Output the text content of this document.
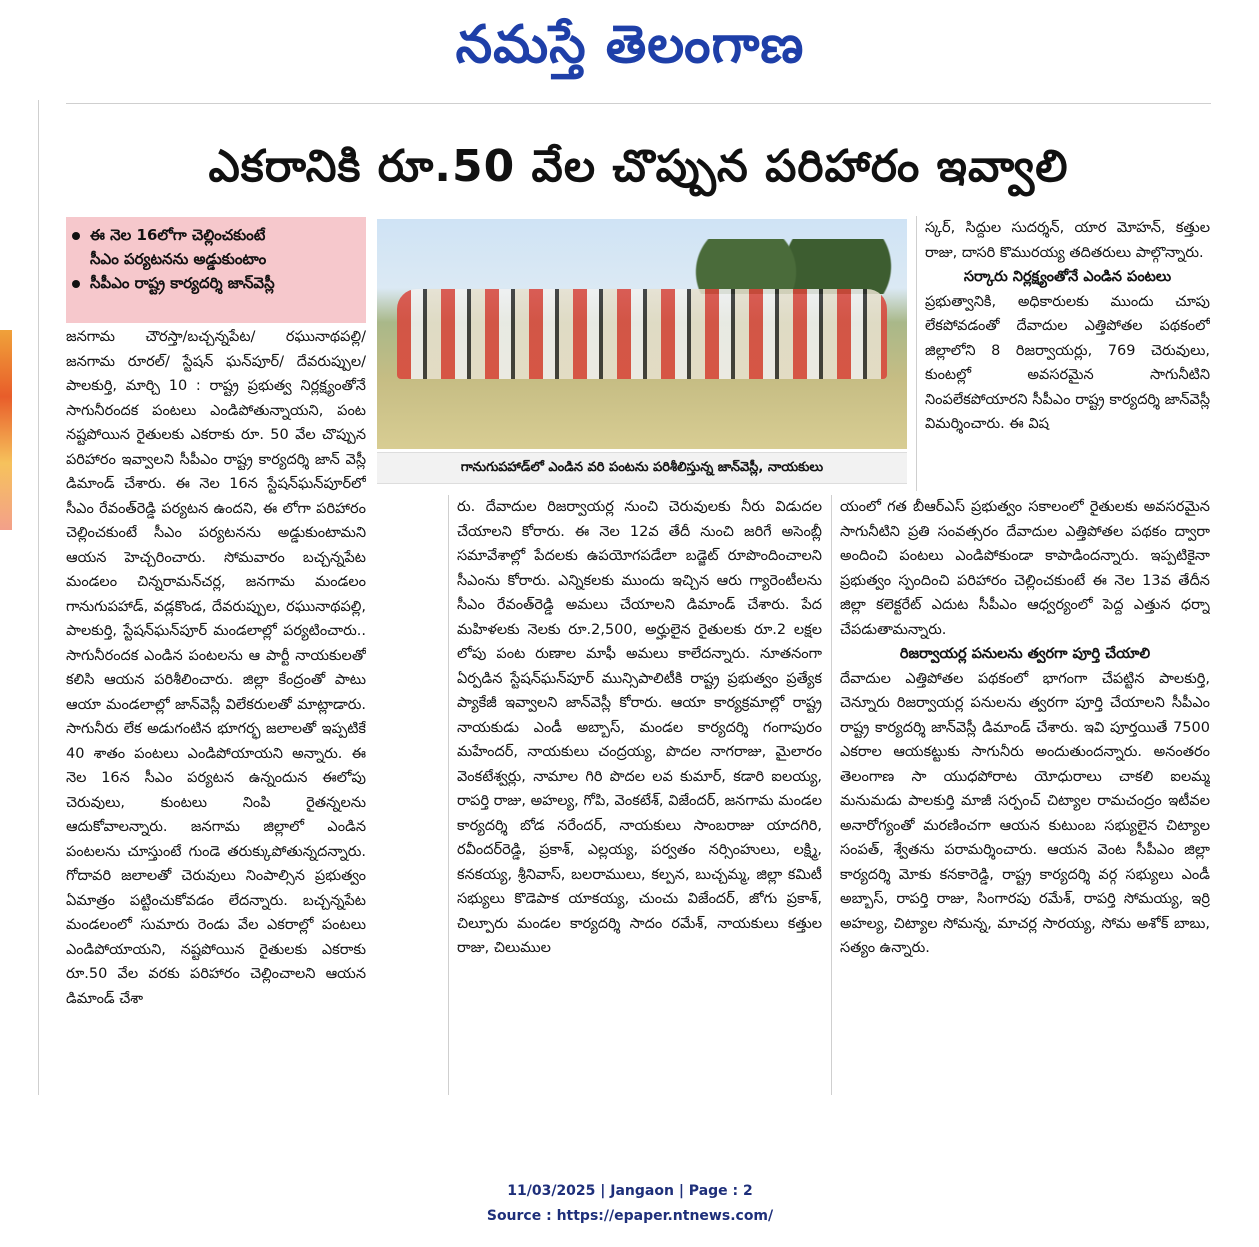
నమస్తే తెలంగాణ
ఎకరానికి రూ.50 వేల చొప్పున పరిహారం ఇవ్వాలి
ఈ నెల 16లోగా చెల్లించకుంటే
సీఎం పర్యటనను అడ్డుకుంటాం
సీపీఎం రాష్ట్ర కార్యదర్శి జాన్‌వెస్లీ
గానుగుపహాడ్‌లో ఎండిన వరి పంటను పరిశీలిస్తున్న జాన్‌వెస్లీ, నాయకులు

జనగామ చౌరస్తా/బచ్చన్నపేట/ రఘునాథపల్లి/ జనగామ రూరల్/ స్టేషన్ ఘన్‌పూర్/ దేవరుప్పుల/పాలకుర్తి, మార్చి 10 : రాష్ట్ర ప్రభుత్వ నిర్లక్ష్యంతోనే సాగునీరందక పంటలు ఎండిపోతున్నాయని, పంట నష్టపోయిన రైతులకు ఎకరాకు రూ. 50 వేల చొప్పున పరిహారం ఇవ్వాలని సీపీఎం రాష్ట్ర కార్యదర్శి జాన్ వెస్లీ డిమాండ్ చేశారు. ఈ నెల 16న స్టేషన్‌ఘన్‌పూర్‌లో సీఎం రేవంత్‌రెడ్డి పర్యటన ఉందని, ఈ లోగా పరిహారం చెల్లించకుంటే సీఎం పర్యటనను అడ్డుకుంటామని ఆయన హెచ్చరించారు. సోమవారం బచ్చన్నపేట మండలం చిన్నరామన్‌చర్ల, జనగామ మండలం గానుగుపహాడ్, వడ్లకొండ, దేవరుప్పుల, రఘునాథపల్లి, పాలకుర్తి, స్టేషన్‌ఘన్‌పూర్ మండలాల్లో పర్యటించారు.. సాగునీరందక ఎండిన పంటలను ఆ పార్టీ నాయకులతో కలిసి ఆయన పరిశీలించారు. జిల్లా కేంద్రంతో పాటు ఆయా మండలాల్లో జాన్‌వెస్లీ విలేకరులతో మాట్లాడారు. సాగునీరు లేక అడుగంటిన భూగర్భ జలాలతో ఇప్పటికే 40 శాతం పంటలు ఎండిపోయాయని అన్నారు. ఈ నెల 16న సీఎం పర్యటన ఉన్నందున ఈలోపు చెరువులు, కుంటలు నింపి రైతన్నలను ఆదుకోవాలన్నారు. జనగామ జిల్లాలో ఎండిన పంటలను చూస్తుంటే గుండె తరుక్కుపోతున్నదన్నారు. గోదావరి జలాలతో చెరువులు నింపాల్సిన ప్రభుత్వం ఏమాత్రం పట్టించుకోవడం లేదన్నారు. బచ్చన్నపేట మండలంలో సుమారు రెండు వేల ఎకరాల్లో పంటలు ఎండిపోయాయని, నష్టపోయిన రైతులకు ఎకరాకు రూ.50 వేల వరకు పరిహారం చెల్లించాలని ఆయన డిమాండ్ చేశా

రు. దేవాదుల రిజర్వాయర్ల నుంచి చెరువులకు నీరు విడుదల చేయాలని కోరారు. ఈ నెల 12వ తేదీ నుంచి జరిగే అసెంబ్లీ సమావేశాల్లో పేదలకు ఉపయోగపడేలా బడ్జెట్ రూపొందించాలని సీఎంను కోరారు. ఎన్నికలకు ముందు ఇచ్చిన ఆరు గ్యారెంటీలను సీఎం రేవంత్‌రెడ్డి అమలు చేయాలని డిమాండ్ చేశారు. పేద మహిళలకు నెలకు రూ.2,500, అర్హులైన రైతులకు రూ.2 లక్షల లోపు పంట రుణాల మాఫీ అమలు కాలేదన్నారు. నూతనంగా ఏర్పడిన స్టేషన్‌ఘన్‌పూర్ మున్సిపాలిటీకి రాష్ట్ర ప్రభుత్వం ప్రత్యేక ప్యాకేజీ ఇవ్వాలని జాన్‌వెస్లీ కోరారు. ఆయా కార్యక్రమాల్లో రాష్ట్ర నాయకుడు ఎండీ అబ్బాస్, మండల కార్యదర్శి గంగాపురం మహేందర్, నాయకులు చంద్రయ్య, పొదల నాగరాజు, మైలారం వెంకటేశ్వర్లు, నామాల గిరి పొదల లవ కుమార్, కడారి ఐలయ్య, రాపర్తి రాజు, అహల్య, గోపి, వెంకటేశ్, విజేందర్, జనగామ మండల కార్యదర్శి బోడ నరేందర్, నాయకులు సాంబరాజు యాదగిరి, రవీందర్‌రెడ్డి, ప్రకాశ్, ఎల్లయ్య, పర్వతం నర్సింహులు, లక్ష్మి, కనకయ్య, శ్రీనివాస్, బలరాములు, కల్పన, బుచ్చమ్మ, జిల్లా కమిటీ సభ్యులు కొడెపాక యాకయ్య, చుంచు విజేందర్, జోగు ప్రకాశ్, చిల్పూరు మండల కార్యదర్శి సాదం రమేశ్, నాయకులు కత్తుల రాజు, చిలుముల

స్కర్, సిద్దుల సుదర్శన్, యార మోహన్, కత్తుల రాజు, దాసరి కొమురయ్య తదితరులు పాల్గొన్నారు.

సర్కారు నిర్లక్ష్యంతోనే ఎండిన పంటలు

ప్రభుత్వానికి, అధికారులకు ముందు చూపు లేకపోవడంతో దేవాదుల ఎత్తిపోతల పథకంలో జిల్లాలోని 8 రిజర్వాయర్లు, 769 చెరువులు, కుంటల్లో అవసరమైన సాగునీటిని నింపలేకపోయారని సీపీఎం రాష్ట్ర కార్యదర్శి జాన్‌వెస్లీ విమర్శించారు. ఈ విష

యంలో గత బీఆర్‌ఎస్ ప్రభుత్వం సకాలంలో రైతులకు అవసరమైన సాగునీటిని ప్రతి సంవత్సరం దేవాదుల ఎత్తిపోతల పథకం ద్వారా అందించి పంటలు ఎండిపోకుండా కాపాడిందన్నారు. ఇప్పటికైనా ప్రభుత్వం స్పందించి పరిహారం చెల్లించకుంటే ఈ నెల 13వ తేదీన జిల్లా కలెక్టరేట్ ఎదుట సీపీఎం ఆధ్వర్యంలో పెద్ద ఎత్తున ధర్నా చేపడుతామన్నారు.

రిజర్వాయర్ల పనులను త్వరగా పూర్తి చేయాలి

దేవాదుల ఎత్తిపోతల పథకంలో భాగంగా చేపట్టిన పాలకుర్తి, చెన్నూరు రిజర్వాయర్ల పనులను త్వరగా పూర్తి చేయాలని సీపీఎం రాష్ట్ర కార్యదర్శి జాన్‌వెస్లీ డిమాండ్ చేశారు. ఇవి పూర్తయితే 7500 ఎకరాల ఆయకట్టుకు సాగునీరు అందుతుందన్నారు. అనంతరం తెలంగాణ సా యుధపోరాట యోధురాలు చాకలి ఐలమ్మ మనుమడు పాలకుర్తి మాజీ సర్పంచ్ చిట్యాల రామచంద్రం ఇటీవల అనారోగ్యంతో మరణించగా ఆయన కుటుంబ సభ్యులైన చిట్యాల సంపత్, శ్వేతను పరామర్శించారు. ఆయన వెంట సీపీఎం జిల్లా కార్యదర్శి మోకు కనకారెడ్డి, రాష్ట్ర కార్యదర్శి వర్గ సభ్యులు ఎండీ అబ్బాస్, రాపర్తి రాజు, సింగారపు రమేశ్, రాపర్తి సోమయ్య, ఇర్రి అహల్య, చిట్యాల సోమన్న, మాచర్ల సారయ్య, సోమ అశోక్ బాబు, సత్యం ఉన్నారు.

11/03/2025 | Jangaon | Page : 2
Source : https://epaper.ntnews.com/
